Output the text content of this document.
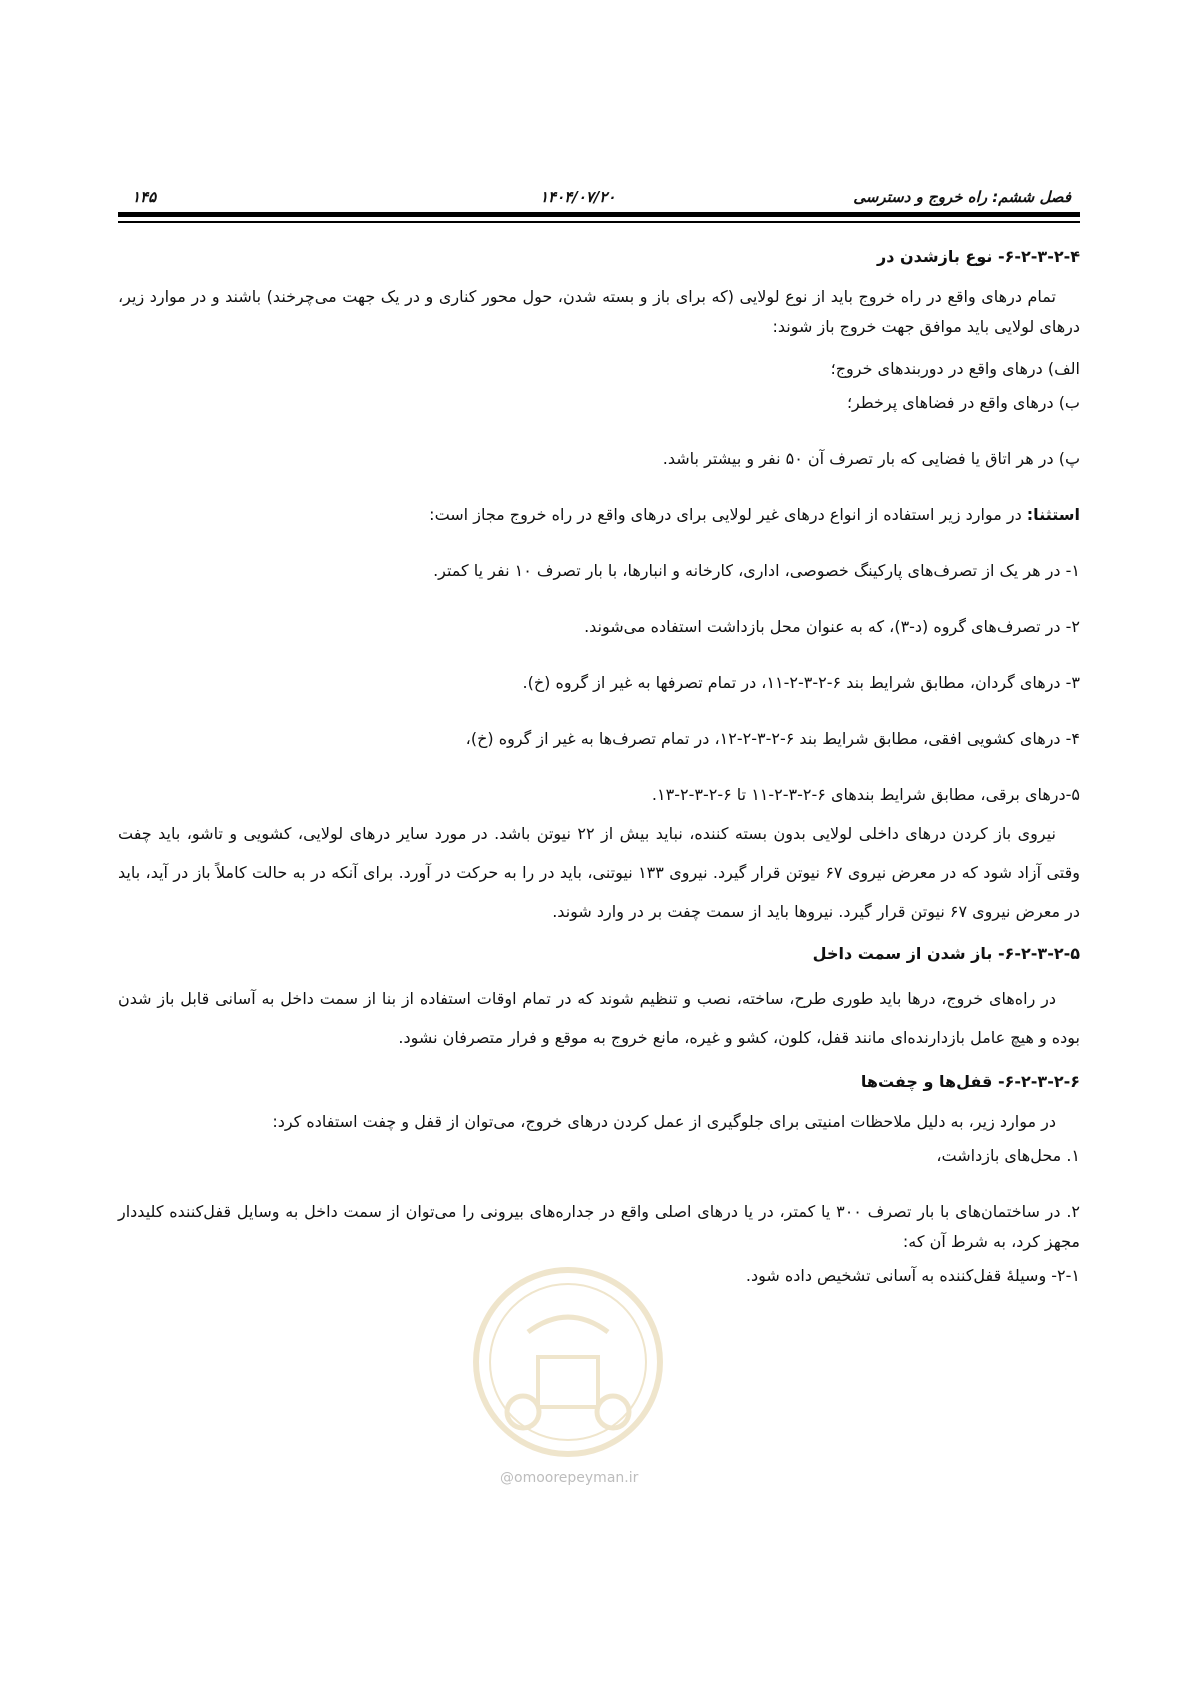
فصل ششم: راه خروج و دسترسی
۱۴۰۴/۰۷/۲۰
۱۴۵
@omoorepeyman.ir
۶-۲-۳-۲-۴- نوع بازشدن در
تمام درهای واقع در راه خروج باید از نوع لولایی (که برای باز و بسته شدن، حول محور کناری و در یک جهت می‌چرخند) باشند و در موارد زیر، درهای لولایی باید موافق جهت خروج باز شوند:
الف) درهای واقع در دوربندهای خروج؛
ب) درهای واقع در فضاهای پرخطر؛
پ) در هر اتاق یا فضایی که بار تصرف آن ۵۰ نفر و بیشتر باشد.
استثنا: در موارد زیر استفاده از انواع درهای غیر لولایی برای درهای واقع در راه خروج مجاز است:
۱- در هر یک از تصرف‌های پارکینگ خصوصی، اداری، کارخانه و انبارها، با بار تصرف ۱۰ نفر یا کمتر.
۲- در تصرف‌های گروه (د-۳)، که به عنوان محل بازداشت استفاده می‌شوند.
۳- درهای گردان، مطابق شرایط بند ۶-۲-۳-۲-۱۱، در تمام تصرفها به غیر از گروه (خ).
۴- درهای کشویی افقی، مطابق شرایط بند ۶-۲-۳-۲-۱۲، در تمام تصرف‌ها به غیر از گروه (خ)،
۵-درهای برقی، مطابق شرایط بندهای ۶-۲-۳-۲-۱۱ تا ۶-۲-۳-۲-۱۳.
نیروی باز کردن درهای داخلی لولایی بدون بسته کننده، نباید بیش از ۲۲ نیوتن باشد. در مورد سایر درهای لولایی، کشویی و تاشو، باید چفت وقتی آزاد شود که در معرض نیروی ۶۷ نیوتن قرار گیرد. نیروی ۱۳۳ نیوتنی، باید در را به حرکت در آورد. برای آنکه در به حالت کاملاً باز در آید، باید در معرض نیروی ۶۷ نیوتن قرار گیرد. نیروها باید از سمت چفت بر در وارد شوند.
۶-۲-۳-۲-۵- باز شدن از سمت داخل
در راه‌های خروج، درها باید طوری طرح، ساخته، نصب و تنظیم شوند که در تمام اوقات استفاده از بنا از سمت داخل به آسانی قابل باز شدن بوده و هیچ عامل بازدارنده‌ای مانند قفل، کلون، کشو و غیره، مانع خروج به موقع و فرار متصرفان نشود.
۶-۲-۳-۲-۶- قفل‌ها و چفت‌ها
در موارد زیر، به دلیل ملاحظات امنیتی برای جلوگیری از عمل کردن درهای خروج، می‌توان از قفل و چفت استفاده کرد:
۱. محل‌های بازداشت،
۲. در ساختمان‌های با بار تصرف ۳۰۰ یا کمتر، در یا درهای اصلی واقع در جداره‌های بیرونی را می‌توان از سمت داخل به وسایل قفل‌کننده کلیددار مجهز کرد، به شرط آن که:
۲-۱- وسیلهٔ قفل‌کننده به آسانی تشخیص داده شود.
